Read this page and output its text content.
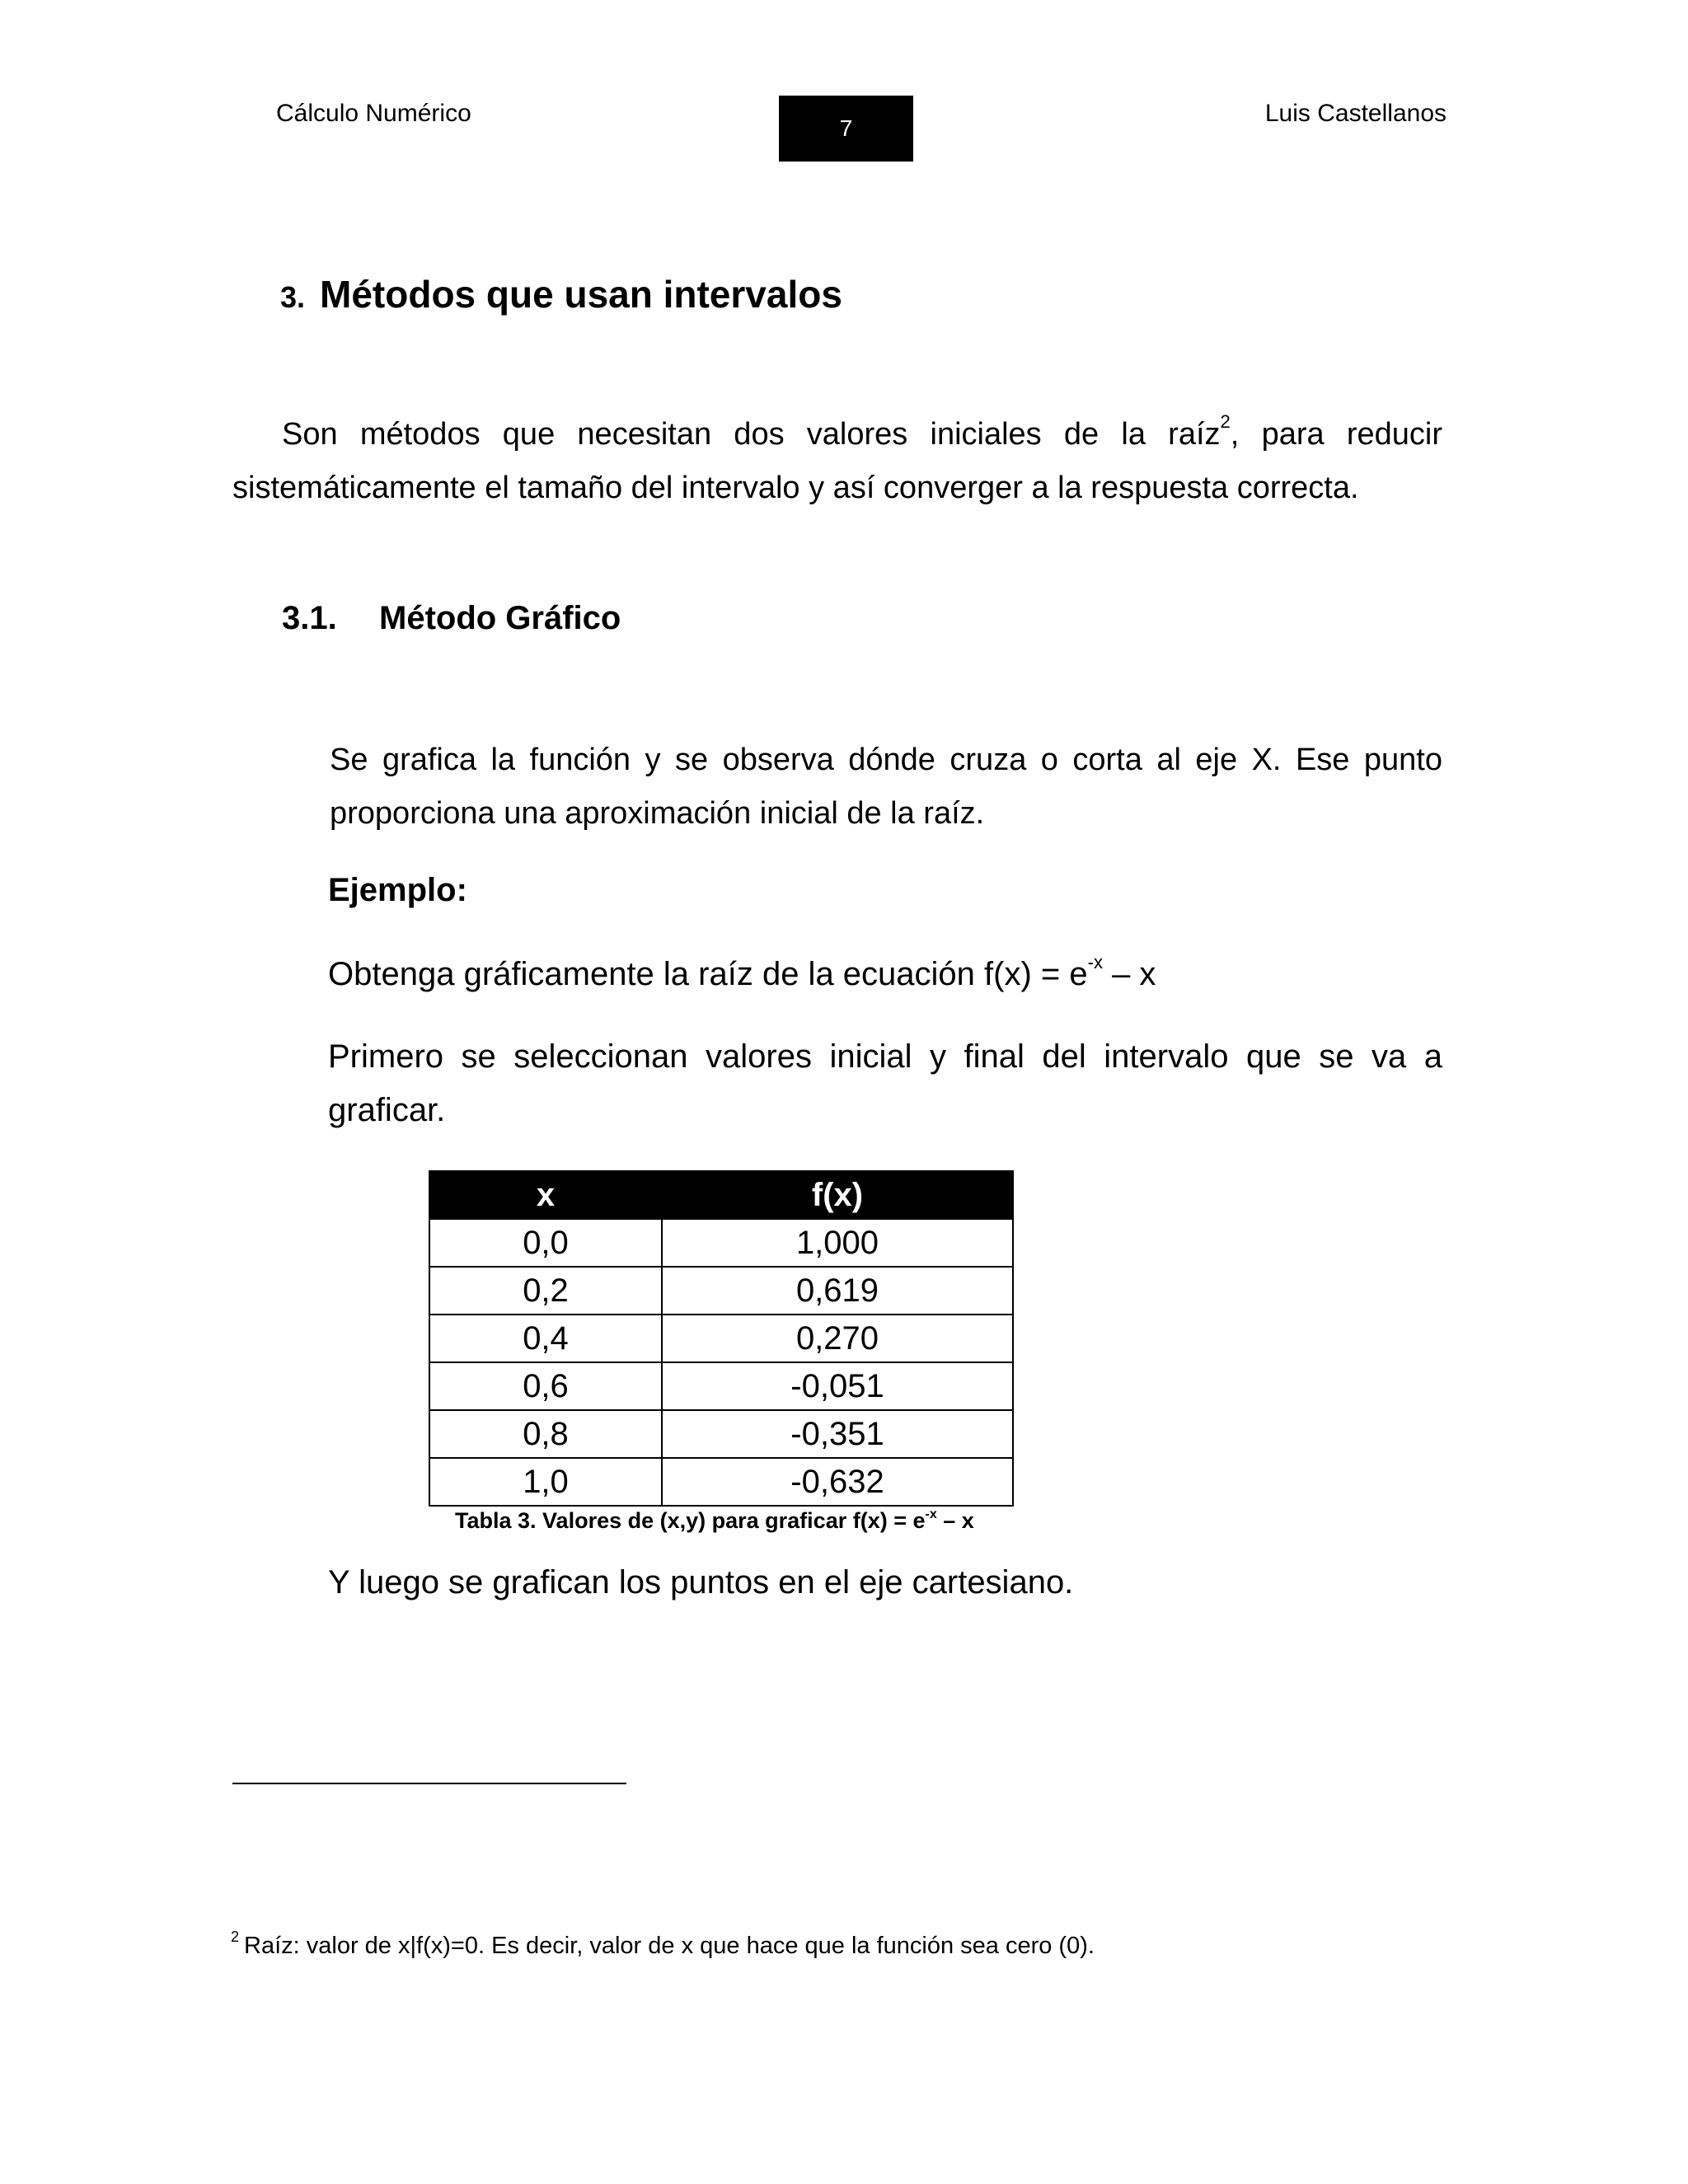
Cálculo Numérico
7
Luis Castellanos
3. Métodos que usan intervalos
Son métodos que necesitan dos valores iniciales de la raíz$^2$, para reducir sistemáticamente el tamaño del intervalo y así converger a la respuesta correcta.
3.1. Método Gráfico
Se grafica la función y se observa dónde cruza o corta al eje X. Ese punto proporciona una aproximación inicial de la raíz.
Ejemplo:
Obtenga gráficamente la raíz de la ecuación $f(x) = e^{-x} - x$
Primero se seleccionan valores inicial y final del intervalo que se va a graficar.
x	f(x)
0,0	1,000
0,2	0,619
0,4	0,270
0,6	-0,051
0,8	-0,351
1,0	-0,632
Tabla 3. Valores de (x,y) para graficar $f(x) = e^{-x} - x$
Y luego se grafican los puntos en el eje cartesiano.
$^2$ Raíz: valor de x|f(x)=0. Es decir, valor de x que hace que la función sea cero (0).
